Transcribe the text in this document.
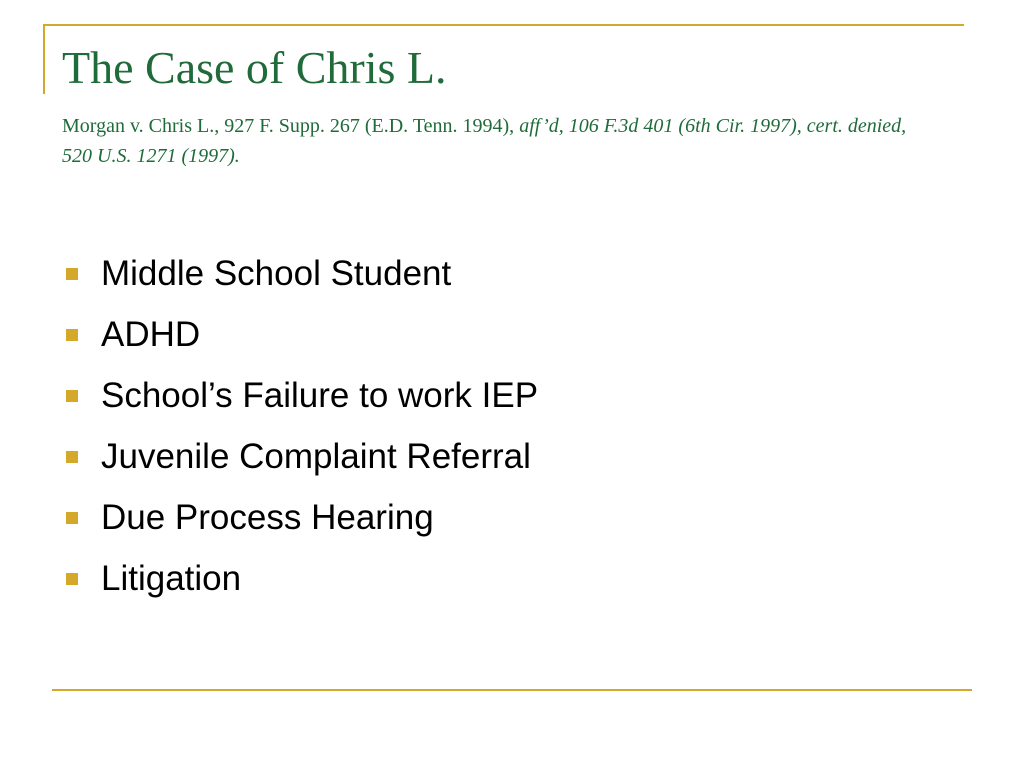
The Case of Chris L.

Morgan v. Chris L., 927 F. Supp. 267 (E.D. Tenn. 1994), aff’d, 106 F.3d 401 (6th Cir. 1997), cert. denied, 520 U.S. 1271 (1997).

Middle School Student
ADHD
School’s Failure to work IEP
Juvenile Complaint Referral
Due Process Hearing
Litigation
